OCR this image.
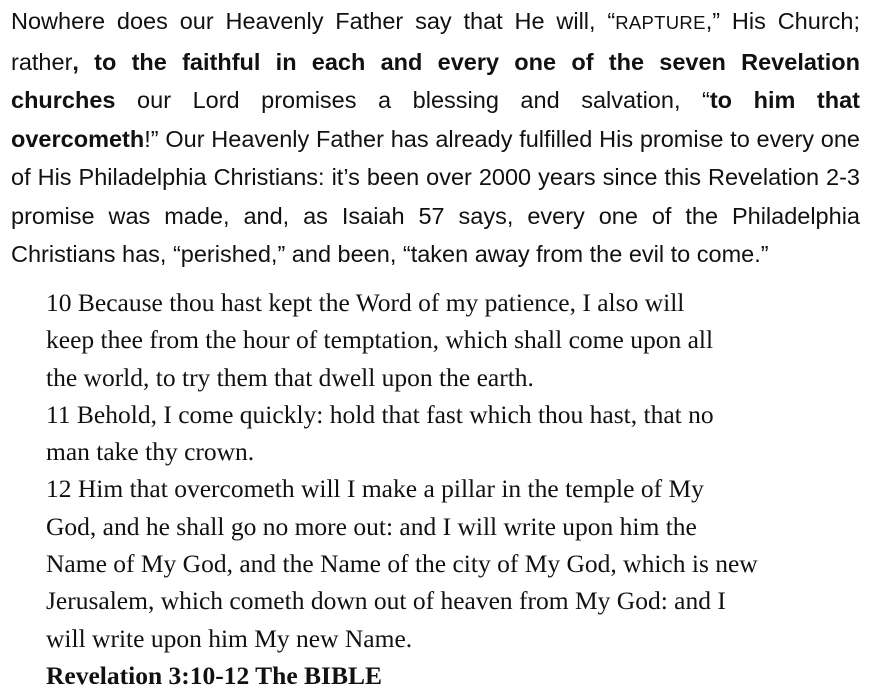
Nowhere does our Heavenly Father say that He will, “RAPTURE,” His Church; rather, to the faithful in each and every one of the seven Revelation churches our Lord promises a blessing and salvation, “to him that overcometh!” Our Heavenly Father has already fulfilled His promise to every one of His Philadelphia Christians: it’s been over 2000 years since this Revelation 2-3 promise was made, and, as Isaiah 57 says, every one of the Philadelphia Christians has, “perished,” and been, “taken away from the evil to come.”

10 Because thou hast kept the Word of my patience, I also will
keep thee from the hour of temptation, which shall come upon all
the world, to try them that dwell upon the earth.
11 Behold, I come quickly: hold that fast which thou hast, that no
man take thy crown.
12 Him that overcometh will I make a pillar in the temple of My
God, and he shall go no more out: and I will write upon him the
Name of My God, and the Name of the city of My God, which is new
Jerusalem, which cometh down out of heaven from My God: and I
will write upon him My new Name.
Revelation 3:10-12 The BIBLE
